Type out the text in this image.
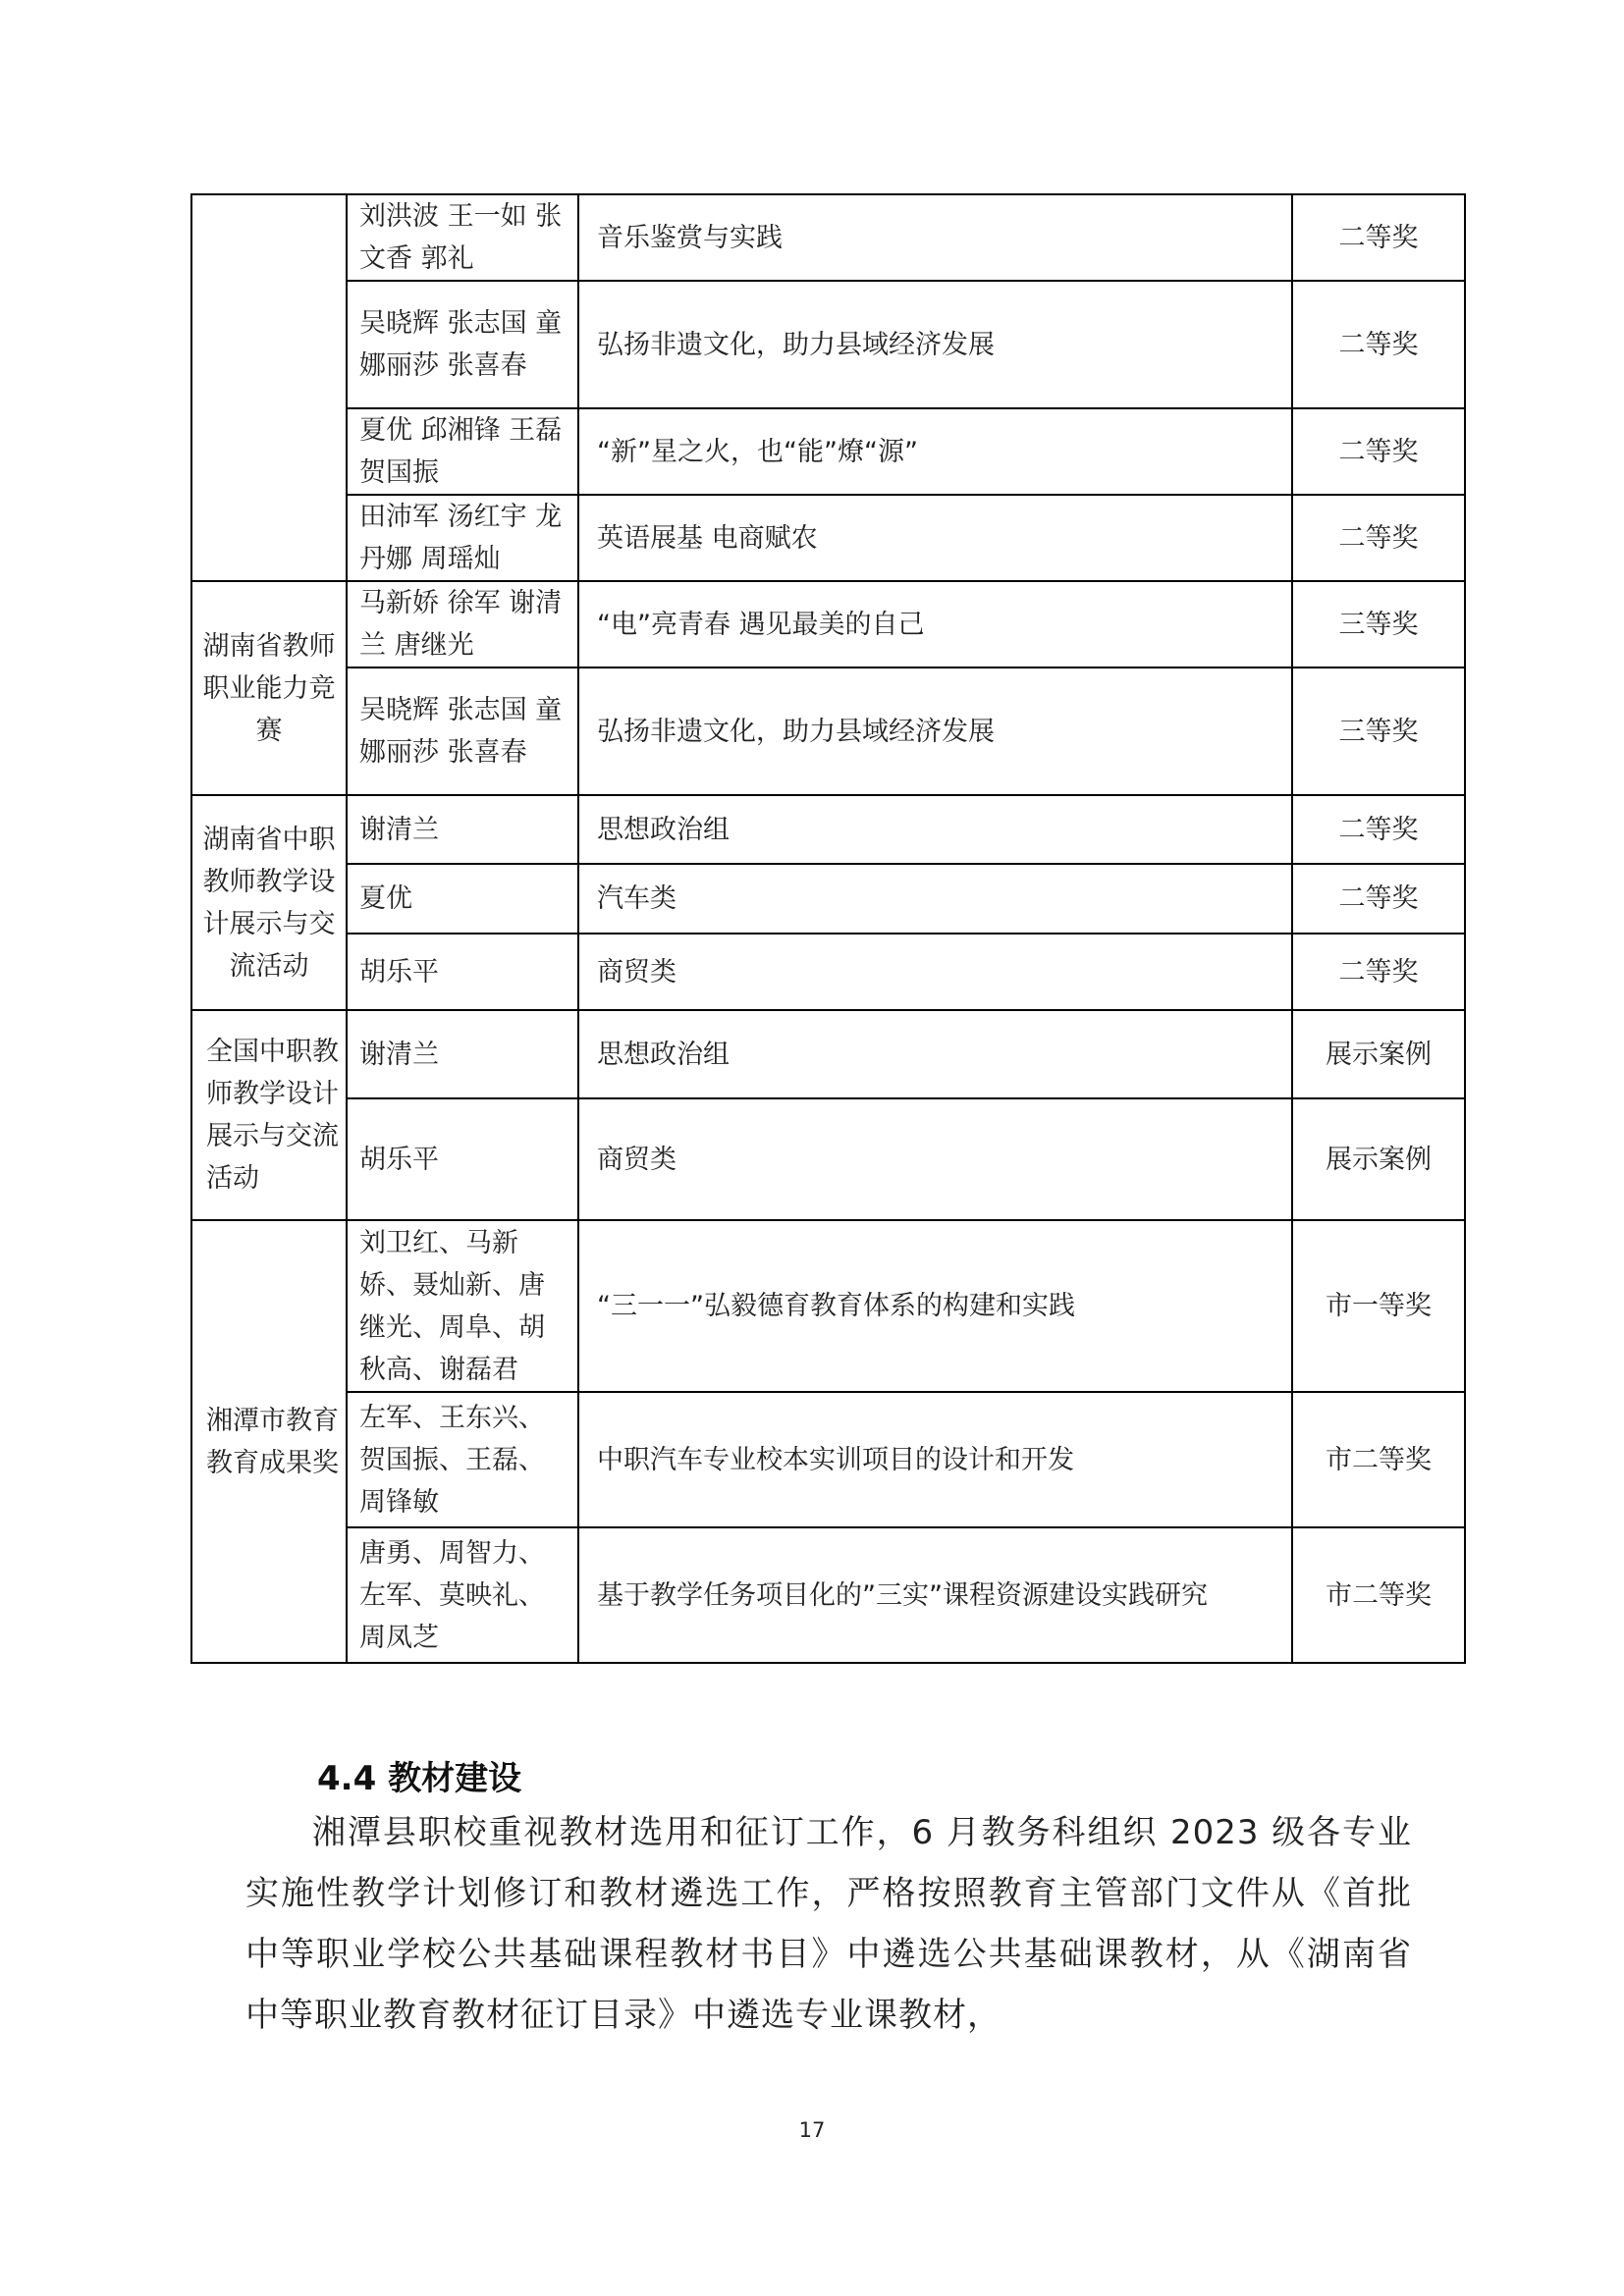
	刘洪波 王一如 张文香 郭礼	音乐鉴赏与实践	二等奖
	吴晓辉 张志国 童娜丽莎 张喜春	弘扬非遗文化，助力县域经济发展	二等奖
	夏优 邱湘锋 王磊 贺国振	“新”星之火，也“能”燎“源”	二等奖
	田沛军 汤红宇 龙丹娜 周瑶灿	英语展基 电商赋农	二等奖
湖南省教师职业能力竞赛	马新娇 徐军 谢清兰 唐继光	“电”亮青春 遇见最美的自己	三等奖
	吴晓辉 张志国 童娜丽莎 张喜春	弘扬非遗文化，助力县域经济发展	三等奖
湖南省中职教师教学设计展示与交流活动	谢清兰	思想政治组	二等奖
	夏优	汽车类	二等奖
	胡乐平	商贸类	二等奖
全国中职教师教学设计展示与交流活动	谢清兰	思想政治组	展示案例
	胡乐平	商贸类	展示案例
湘潭市教育教育成果奖	刘卫红、马新娇、聂灿新、唐继光、周阜、胡秋高、谢磊君	“三一一”弘毅德育教育体系的构建和实践	市一等奖
	左军、王东兴、贺国振、王磊、周锋敏	中职汽车专业校本实训项目的设计和开发	市二等奖
	唐勇、周智力、左军、莫映礼、周凤芝	基于教学任务项目化的”三实”课程资源建设实践研究	市二等奖
4.4 教材建设

湘潭县职校重视教材选用和征订工作，6 月教务科组织 2023 级各专业实施性教学计划修订和教材遴选工作，严格按照教育主管部门文件从《首批中等职业学校公共基础课程教材书目》中遴选公共基础课教材，从《湖南省中等职业教育教材征订目录》中遴选专业课教材，

17
